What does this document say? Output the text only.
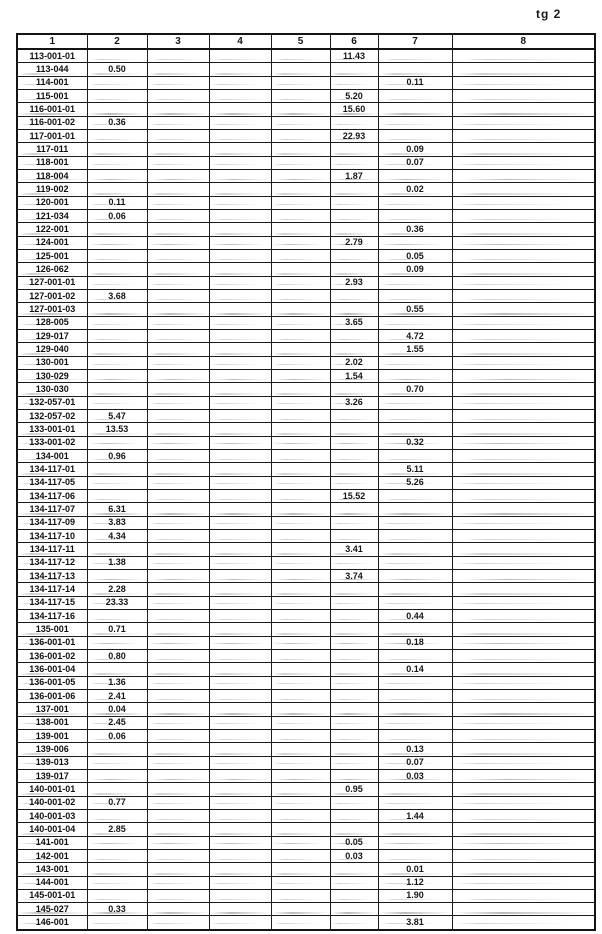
tg 2
1	2	3	4	5	6	7	8
113-001-01					11.43		
113-044	0.50						
114-001						0.11	
115-001					5.20		
116-001-01					15.60		
116-001-02	0.36						
117-001-01					22.93		
117-011						0.09	
118-001						0.07	
118-004					1.87		
119-002						0.02	
120-001	0.11						
121-034	0.06						
122-001						0.36	
124-001					2.79		
125-001						0.05	
126-062						0.09	
127-001-01					2.93		
127-001-02	3.68						
127-001-03						0.55	
128-005					3.65		
129-017						4.72	
129-040						1.55	
130-001					2.02		
130-029					1.54		
130-030						0.70	
132-057-01					3.26		
132-057-02	5.47						
133-001-01	13.53						
133-001-02						0.32	
134-001	0.96						
134-117-01						5.11	
134-117-05						5.26	
134-117-06					15.52		
134-117-07	6.31						
134-117-09	3.83						
134-117-10	4.34						
134-117-11					3.41		
134-117-12	1.38						
134-117-13					3.74		
134-117-14	2.28						
134-117-15	23.33						
134-117-16						0.44	
135-001	0.71						
136-001-01						0.18	
136-001-02	0.80						
136-001-04						0.14	
136-001-05	1.36						
136-001-06	2.41						
137-001	0.04						
138-001	2.45						
139-001	0.06						
139-006						0.13	
139-013						0.07	
139-017						0.03	
140-001-01					0.95		
140-001-02	0.77						
140-001-03						1.44	
140-001-04	2.85						
141-001					0.05		
142-001					0.03		
143-001						0.01	
144-001						1.12	
145-001-01						1.90	
145-027	0.33						
146-001						3.81	
